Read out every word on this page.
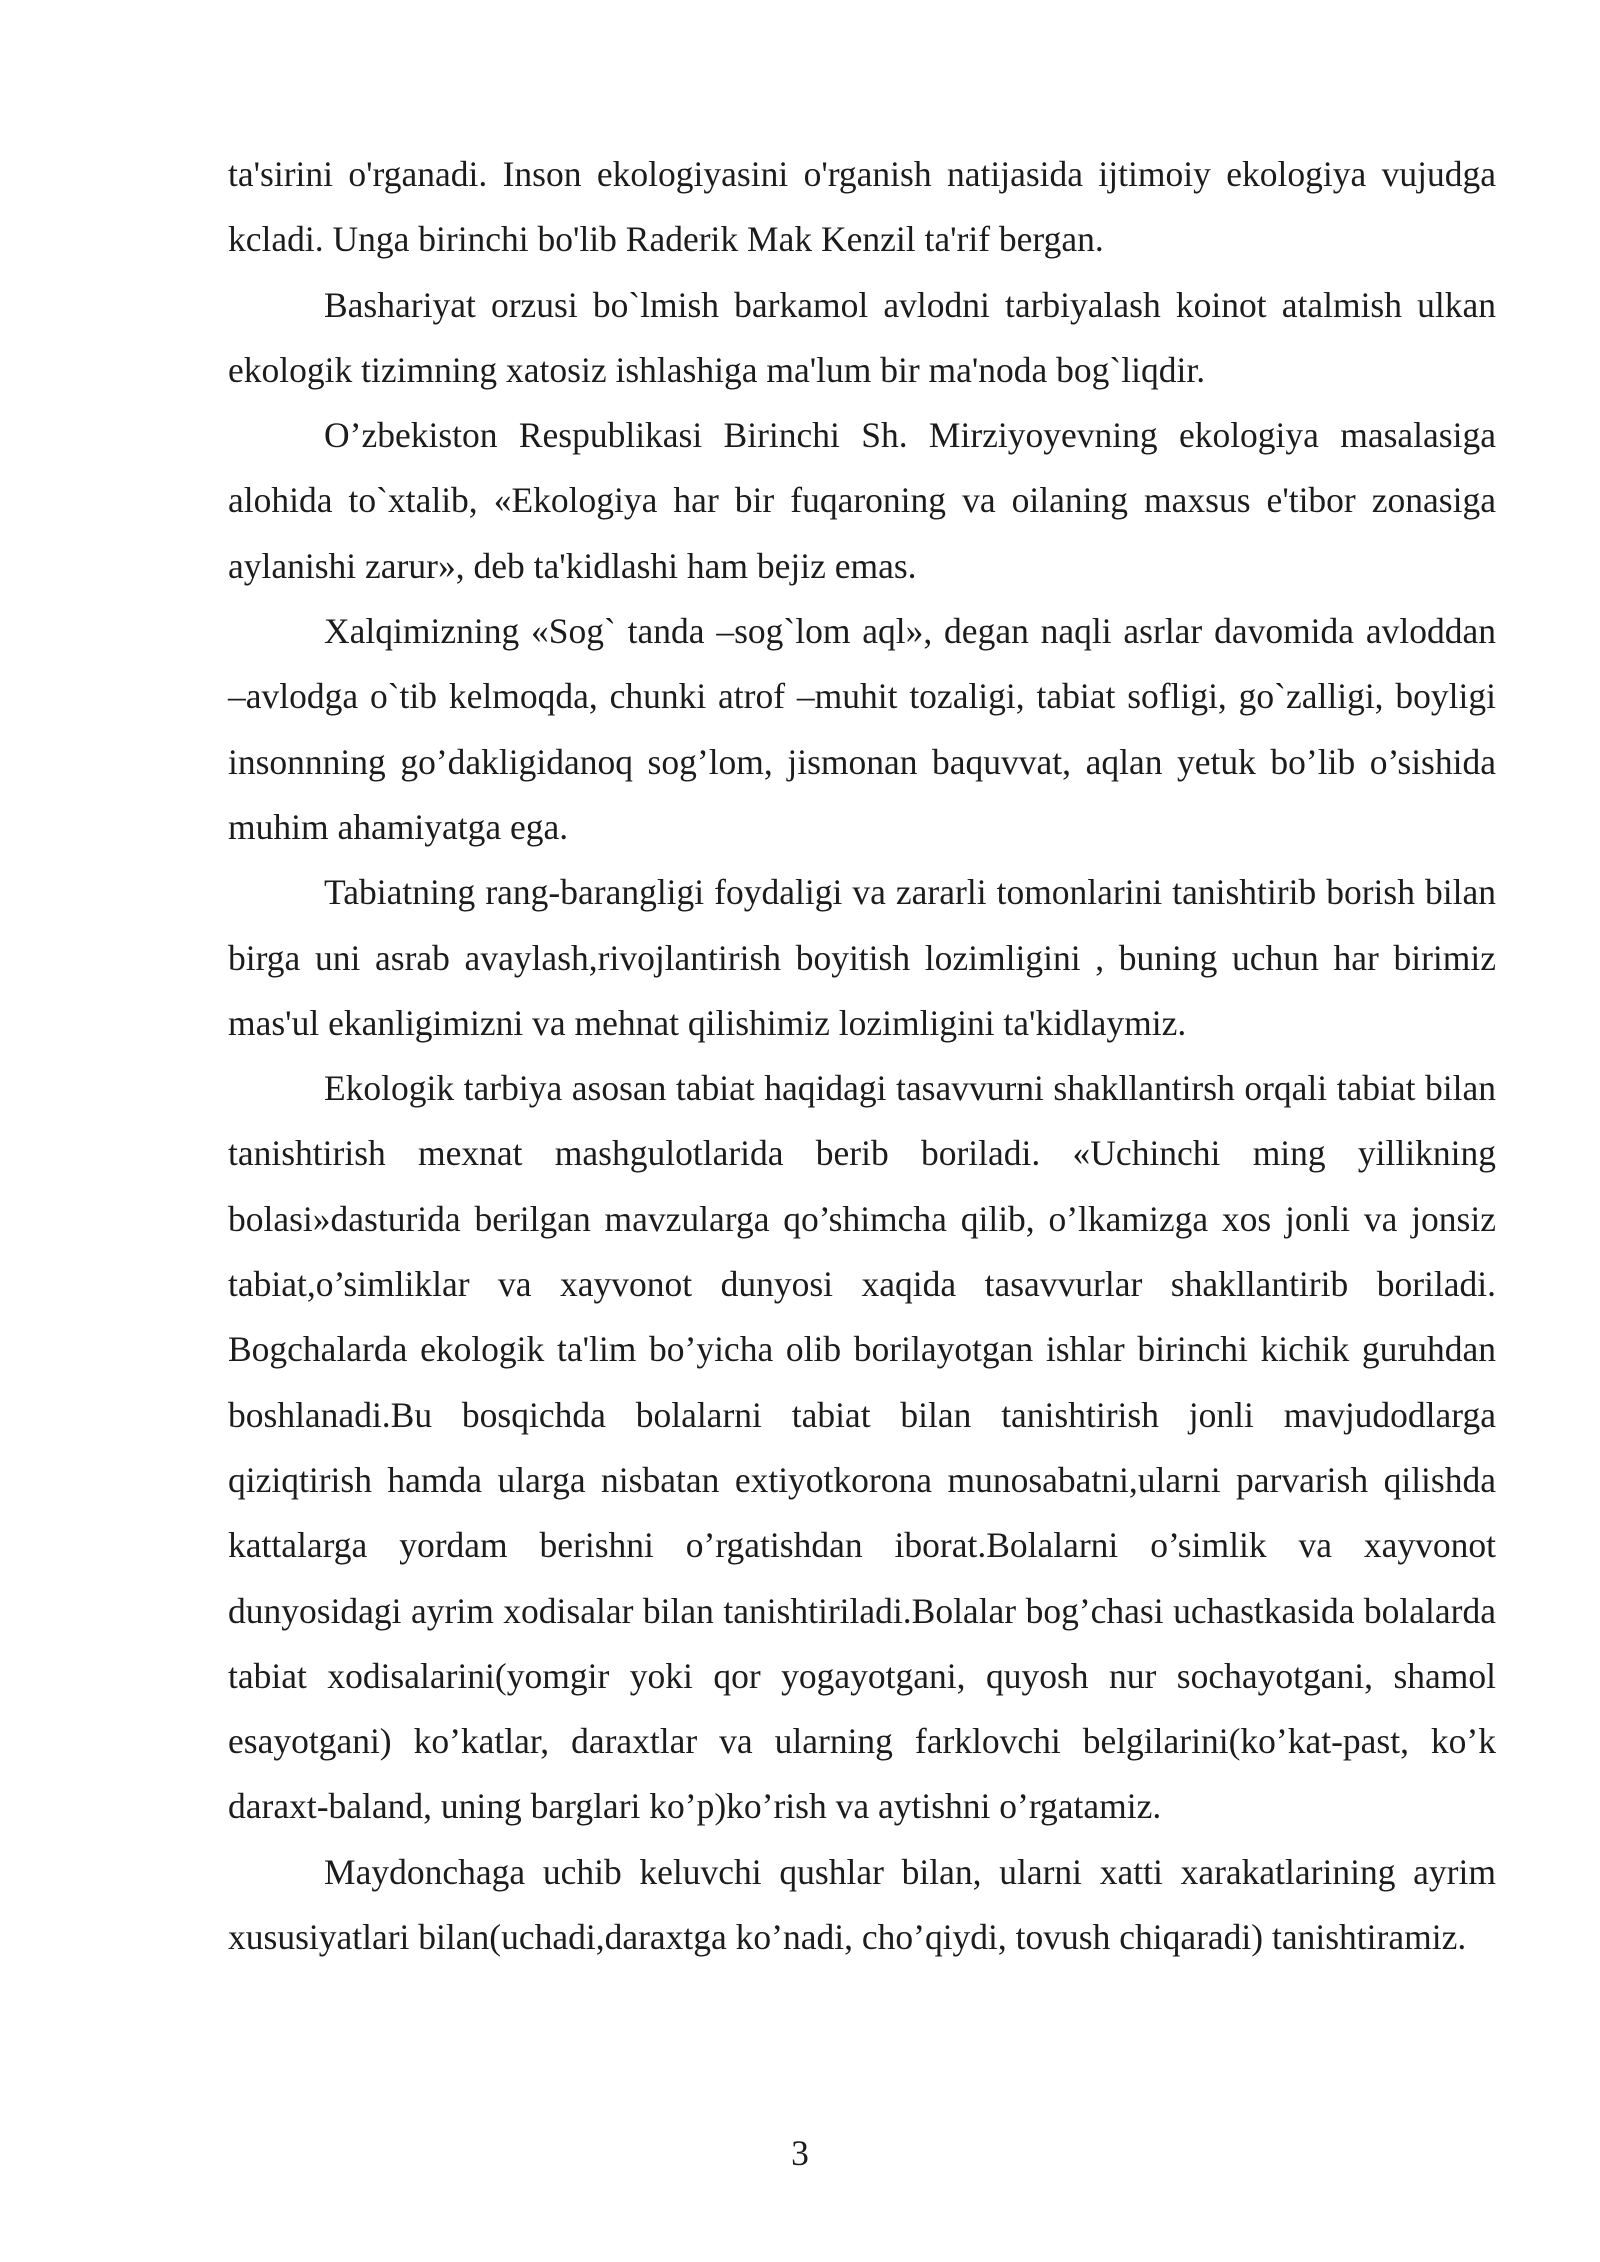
ta'sirini o'rganadi. Inson ekologiyasini o'rganish natijasida ijtimoiy ekologiya vujudga kcladi. Unga birinchi bo'lib Raderik Mak Kenzil ta'rif bergan.

Bashariyat orzusi bo`lmish barkamol avlodni tarbiyalash koinot atalmish ulkan ekologik tizimning xatosiz ishlashiga ma'lum bir ma'noda bog`liqdir.

O’zbekiston Respublikasi Birinchi Sh. Mirziyoyevning ekologiya masalasiga alohida to`xtalib, «Ekologiya har bir fuqaroning va oilaning maxsus e'tibor zonasiga aylanishi zarur», deb ta'kidlashi ham bejiz emas.

Xalqimizning «Sog` tanda –sog`lom aql», degan naqli asrlar davomida avloddan –avlodga o`tib kelmoqda, chunki atrof –muhit tozaligi, tabiat sofligi, go`zalligi, boyligi insonnning go’dakligidanoq sog’lom, jismonan baquvvat, aqlan yetuk bo’lib o’sishida muhim ahamiyatga ega.

Tabiatning rang-barangligi foydaligi va zararli tomonlarini tanishtirib borish bilan birga uni asrab avaylash,rivojlantirish boyitish lozimligini , buning uchun har birimiz mas'ul ekanligimizni va mehnat qilishimiz lozimligini ta'kidlaymiz.

Ekologik tarbiya asosan tabiat haqidagi tasavvurni shakllantirsh orqali tabiat bilan tanishtirish mexnat mashgulotlarida berib boriladi. «Uchinchi ming yillikning bolasi»dasturida berilgan mavzularga qo’shimcha qilib, o’lkamizga xos jonli va jonsiz tabiat,o’simliklar va xayvonot dunyosi xaqida tasavvurlar shakllantirib boriladi. Bogchalarda ekologik ta'lim bo’yicha olib borilayotgan ishlar birinchi kichik guruhdan boshlanadi.Bu bosqichda bolalarni tabiat bilan tanishtirish jonli mavjudodlarga qiziqtirish hamda ularga nisbatan extiyotkorona munosabatni,ularni parvarish qilishda kattalarga yordam berishni o’rgatishdan iborat.Bolalarni o’simlik va xayvonot dunyosidagi ayrim xodisalar bilan tanishtiriladi.Bolalar bog’chasi uchastkasida bolalarda tabiat xodisalarini(yomgir yoki qor yogayotgani, quyosh nur sochayotgani, shamol esayotgani) ko’katlar, daraxtlar va ularning farklovchi belgilarini(ko’kat-past, ko’k daraxt-baland, uning barglari ko’p)ko’rish va aytishni o’rgatamiz.

Maydonchaga uchib keluvchi qushlar bilan, ularni xatti xarakatlarining ayrim xususiyatlari bilan(uchadi,daraxtga ko’nadi, cho’qiydi, tovush chiqaradi) tanishtiramiz.

3
